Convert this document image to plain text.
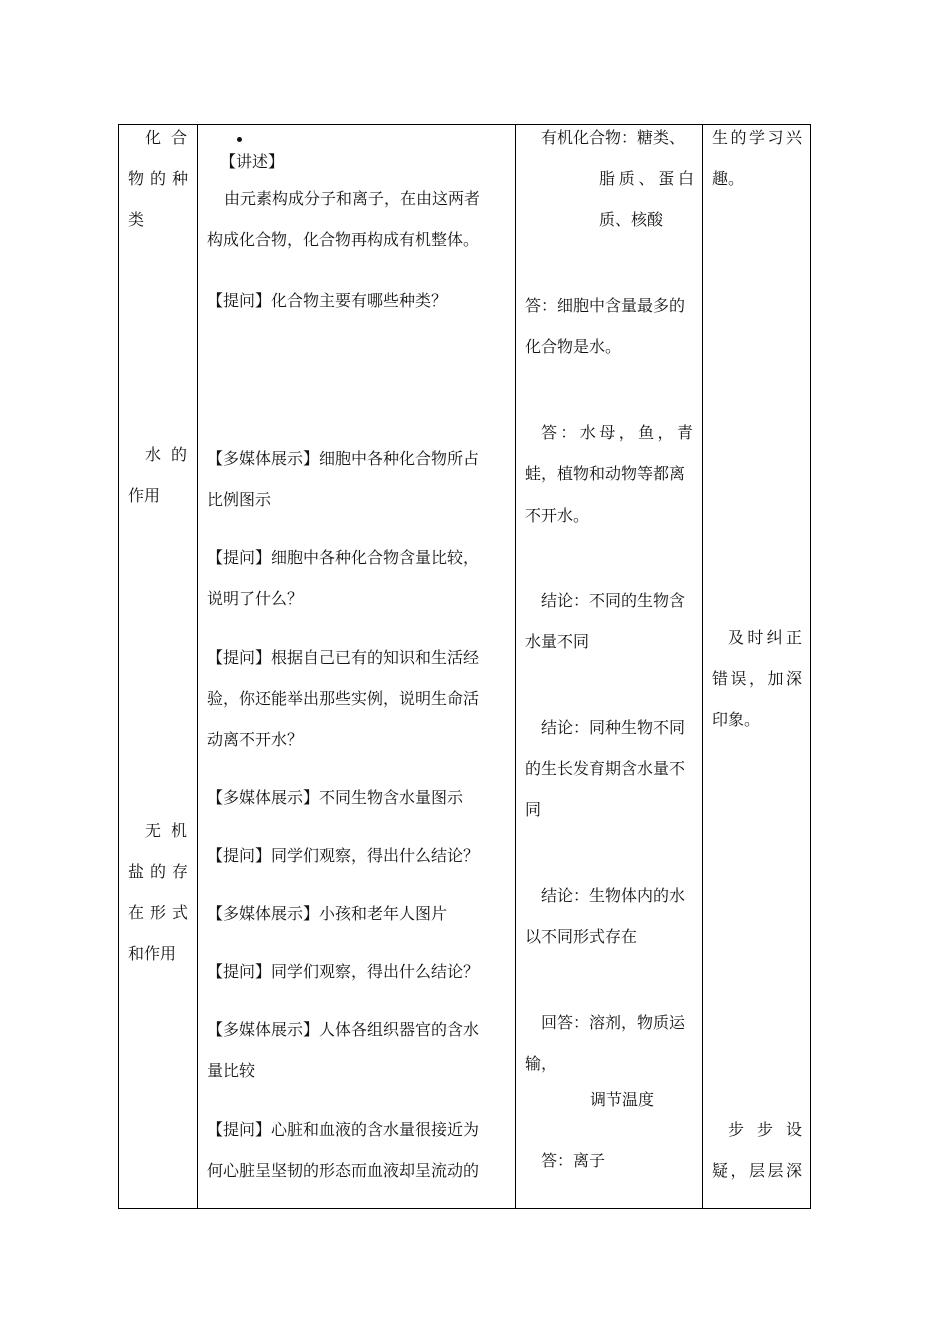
化 合
物 的 种
类
水 的
作用
无 机
盐 的 存
在 形 式
和作用
【讲述】
由元素构成分子和离子，在由这两者
构成化合物，化合物再构成有机整体。
【提问】化合物主要有哪些种类？
【多媒体展示】细胞中各种化合物所占
比例图示
【提问】细胞中各种化合物含量比较，
说明了什么？
【提问】根据自己已有的知识和生活经
验，你还能举出那些实例，说明生命活
动离不开水？
【多媒体展示】不同生物含水量图示
【提问】同学们观察，得出什么结论？
【多媒体展示】小孩和老年人图片
【提问】同学们观察，得出什么结论？
【多媒体展示】人体各组织器官的含水
量比较
【提问】心脏和血液的含水量很接近为
何心脏呈坚韧的形态而血液却呈流动的
有机化合物：糖类、
脂 质 、 蛋 白
质、核酸
答：细胞中含量最多的
化合物是水。
答 ： 水 母 ， 鱼 ， 青
蛙，植物和动物等都离
不开水。
结论：不同的生物含
水量不同
结论：同种生物不同
的生长发育期含水量不
同
结论：生物体内的水
以不同形式存在
回答：溶剂，物质运
输，
调节温度
答：离子
生 的 学 习 兴
趣。
及 时 纠 正
错 误 ， 加 深
印象。
步 步 设
疑 ， 层 层 深
